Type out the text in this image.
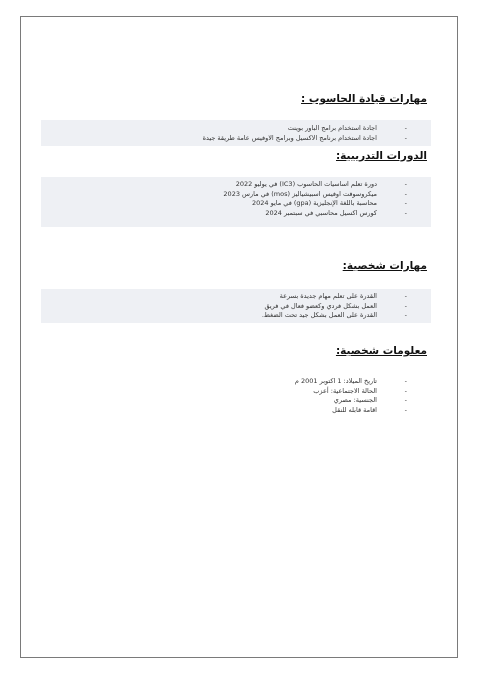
مهارات قيادة الحاسوب :
-
اجادة استخدام برامج الباور بوينت
-
اجادة استخدام برنامج الاكسيل وبرامج الاوفيس عامة طريقة جيدة
الدورات التدريبية:
-
دورة تعلم اساسيات الحاسوب (IC3) في يوليو 2022
-
ميكروسوفت اوفيس اسبيشياليز (mos) في مارس 2023
-
محاسبة باللغة الإنجليزية (gpa) في مايو 2024
-
كورس اكسيل محاسبي في سبتمبر 2024
مهارات شخصية:
-
القدرة على تعلم مهام جديدة بسرعة
-
العمل بشكل فردي وكعضو فعال في فريق
-
القدرة على العمل بشكل جيد تحت الضغط.
معلومات شخصية:
-
تاريخ الميلاد: 1 اكتوبر 2001 م
-
الحالة الاجتماعية: أعزب
-
الجنسية: مصري
-
اقامة قابله للنقل
